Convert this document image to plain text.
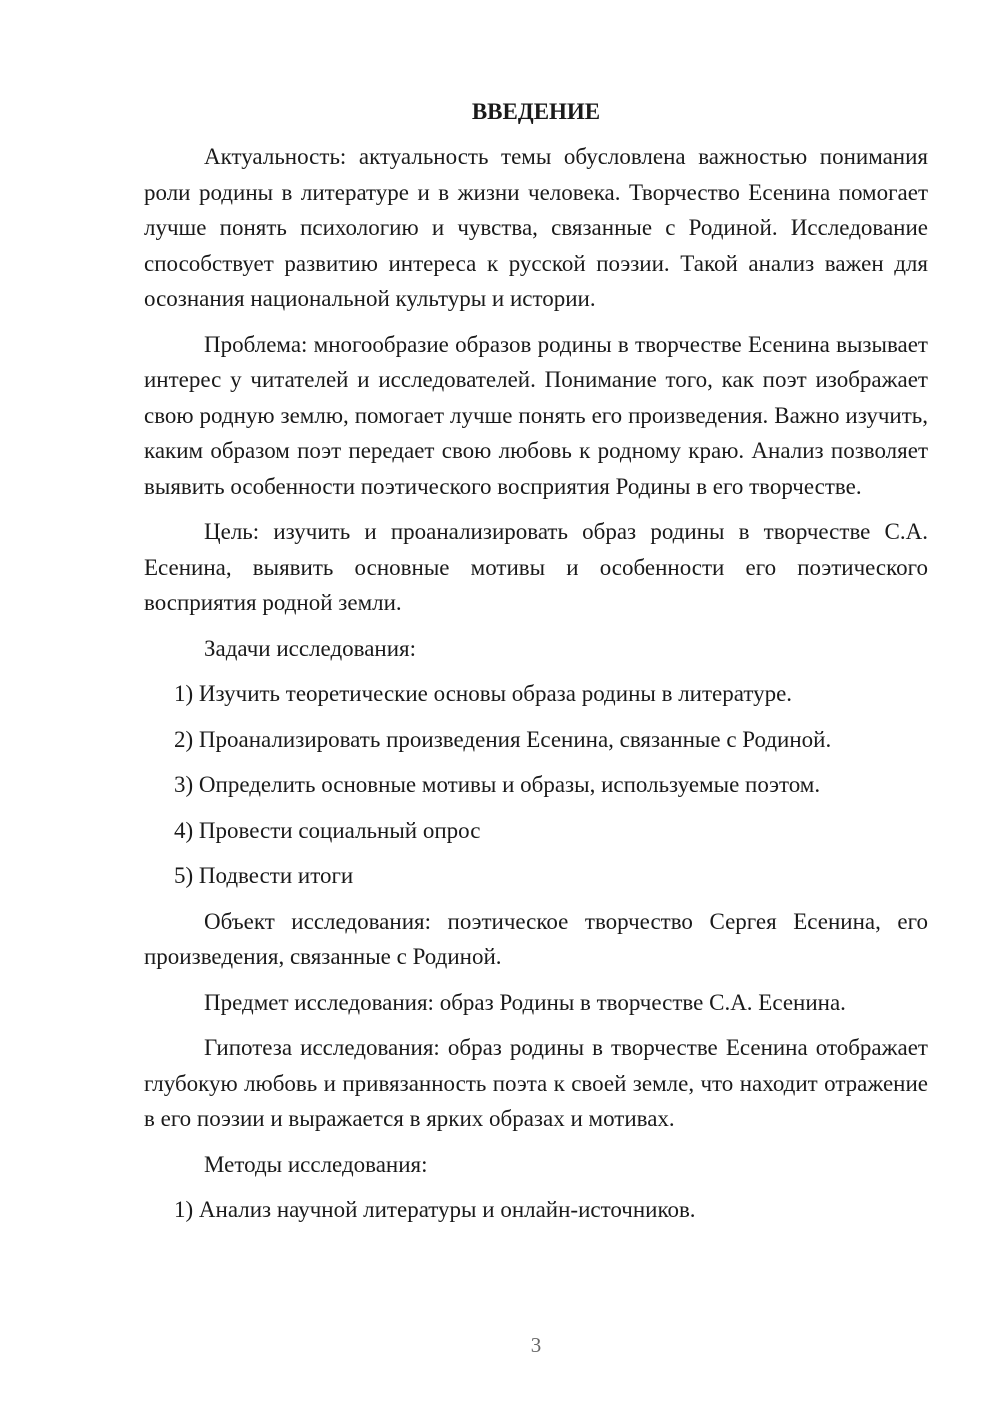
ВВЕДЕНИЕ

Актуальность: актуальность темы обусловлена важностью понимания роли родины в литературе и в жизни человека. Творчество Есенина помогает лучше понять психологию и чувства, связанные с Родиной. Исследование способствует развитию интереса к русской поэзии. Такой анализ важен для осознания национальной культуры и истории.

Проблема: многообразие образов родины в творчестве Есенина вызывает интерес у читателей и исследователей. Понимание того, как поэт изображает свою родную землю, помогает лучше понять его произведения. Важно изучить, каким образом поэт передает свою любовь к родному краю. Анализ позволяет выявить особенности поэтического восприятия Родины в его творчестве.

Цель: изучить и проанализировать образ родины в творчестве С.А. Есенина, выявить основные мотивы и особенности его поэтического восприятия родной земли.

Задачи исследования:

1) Изучить теоретические основы образа родины в литературе.

2) Проанализировать произведения Есенина, связанные с Родиной.

3) Определить основные мотивы и образы, используемые поэтом.

4) Провести социальный опрос

5) Подвести итоги

Объект исследования: поэтическое творчество Сергея Есенина, его произведения, связанные с Родиной.

Предмет исследования: образ Родины в творчестве С.А. Есенина.

Гипотеза исследования: образ родины в творчестве Есенина отображает глубокую любовь и привязанность поэта к своей земле, что находит отражение в его поэзии и выражается в ярких образах и мотивах.

Методы исследования:

1) Анализ научной литературы и онлайн-источников.

3
